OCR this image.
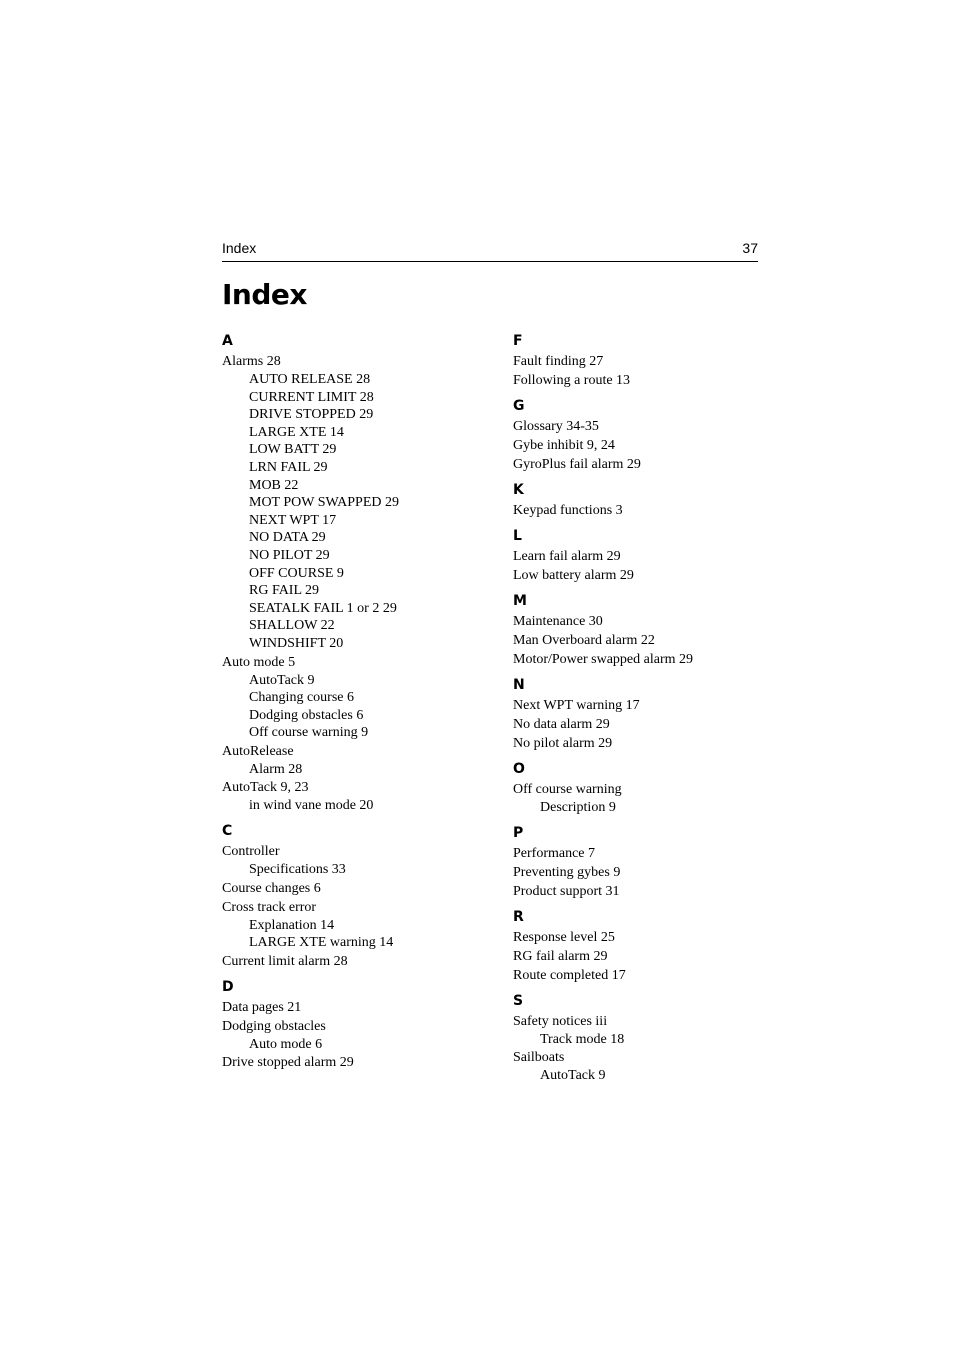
Index	37
Index
A
Alarms 28
AUTO RELEASE 28
CURRENT LIMIT 28
DRIVE STOPPED 29
LARGE XTE 14
LOW BATT 29
LRN FAIL 29
MOB 22
MOT POW SWAPPED 29
NEXT WPT 17
NO DATA 29
NO PILOT 29
OFF COURSE 9
RG FAIL 29
SEATALK FAIL 1 or 2 29
SHALLOW 22
WINDSHIFT 20
Auto mode 5
AutoTack 9
Changing course 6
Dodging obstacles 6
Off course warning 9
AutoRelease
Alarm 28
AutoTack 9, 23
in wind vane mode 20
C
Controller
Specifications 33
Course changes 6
Cross track error
Explanation 14
LARGE XTE warning 14
Current limit alarm 28
D
Data pages 21
Dodging obstacles
Auto mode 6
Drive stopped alarm 29
F
Fault finding 27
Following a route 13
G
Glossary 34-35
Gybe inhibit 9, 24
GyroPlus fail alarm 29
K
Keypad functions 3
L
Learn fail alarm 29
Low battery alarm 29
M
Maintenance 30
Man Overboard alarm 22
Motor/Power swapped alarm 29
N
Next WPT warning 17
No data alarm 29
No pilot alarm 29
O
Off course warning
Description 9
P
Performance 7
Preventing gybes 9
Product support 31
R
Response level 25
RG fail alarm 29
Route completed 17
S
Safety notices iii
Track mode 18
Sailboats
AutoTack 9
